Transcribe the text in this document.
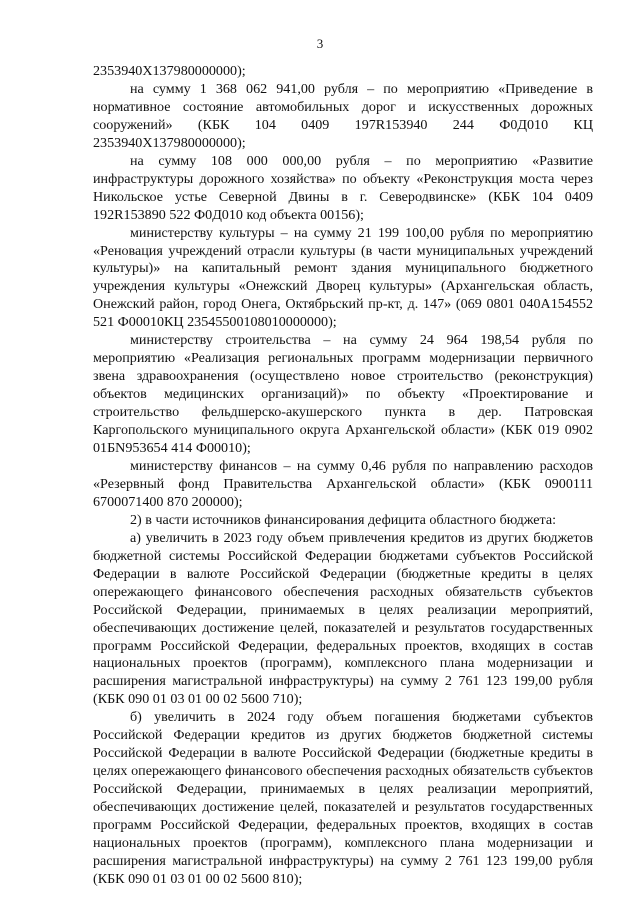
3

2353940Х137980000000);

на сумму 1 368 062 941,00 рубля – по мероприятию «Приведение в нормативное состояние автомобильных дорог и искусственных дорожных сооружений» (КБК 104 0409 197R153940 244 Ф0Д010 КЦ 2353940Х137980000000);

на сумму 108 000 000,00 рубля – по мероприятию «Развитие инфраструктуры дорожного хозяйства» по объекту «Реконструкция моста через Никольское устье Северной Двины в г. Северодвинске» (КБК 104 0409 192R153890 522 Ф0Д010 код объекта 00156);

министерству культуры – на сумму 21 199 100,00 рубля по мероприятию «Реновация учреждений отрасли культуры (в части муниципальных учреждений культуры)» на капитальный ремонт здания муниципального бюджетного учреждения культуры «Онежский Дворец культуры» (Архангельская область, Онежский район, город Онега, Октябрьский пр-кт, д. 147» (069 0801 040А154552 521 Ф00010КЦ 23545500108010000000);

министерству строительства – на сумму 24 964 198,54 рубля по мероприятию «Реализация региональных программ модернизации первичного звена здравоохранения (осуществлено новое строительство (реконструкция) объектов медицинских организаций)» по объекту «Проектирование и строительство фельдшерско-акушерского пункта в дер. Патровская Каргопольского муниципального округа Архангельской области» (КБК 019 0902 01БN953654 414 Ф00010);

министерству финансов – на сумму 0,46 рубля по направлению расходов «Резервный фонд Правительства Архангельской области» (КБК 0900111 6700071400 870 200000);

2) в части источников финансирования дефицита областного бюджета:

а) увеличить в 2023 году объем привлечения кредитов из других бюджетов бюджетной системы Российской Федерации бюджетами субъектов Российской Федерации в валюте Российской Федерации (бюджетные кредиты в целях опережающего финансового обеспечения расходных обязательств субъектов Российской Федерации, принимаемых в целях реализации мероприятий, обеспечивающих достижение целей, показателей и результатов государственных программ Российской Федерации, федеральных проектов, входящих в состав национальных проектов (программ), комплексного плана модернизации и расширения магистральной инфраструктуры) на сумму 2 761 123 199,00 рубля (КБК 090 01 03 01 00 02 5600 710);

б) увеличить в 2024 году объем погашения бюджетами субъектов Российской Федерации кредитов из других бюджетов бюджетной системы Российской Федерации в валюте Российской Федерации (бюджетные кредиты в целях опережающего финансового обеспечения расходных обязательств субъектов Российской Федерации, принимаемых в целях реализации мероприятий, обеспечивающих достижение целей, показателей и результатов государственных программ Российской Федерации, федеральных проектов, входящих в состав национальных проектов (программ), комплексного плана модернизации и расширения магистральной инфраструктуры) на сумму 2 761 123 199,00 рубля (КБК 090 01 03 01 00 02 5600 810);
